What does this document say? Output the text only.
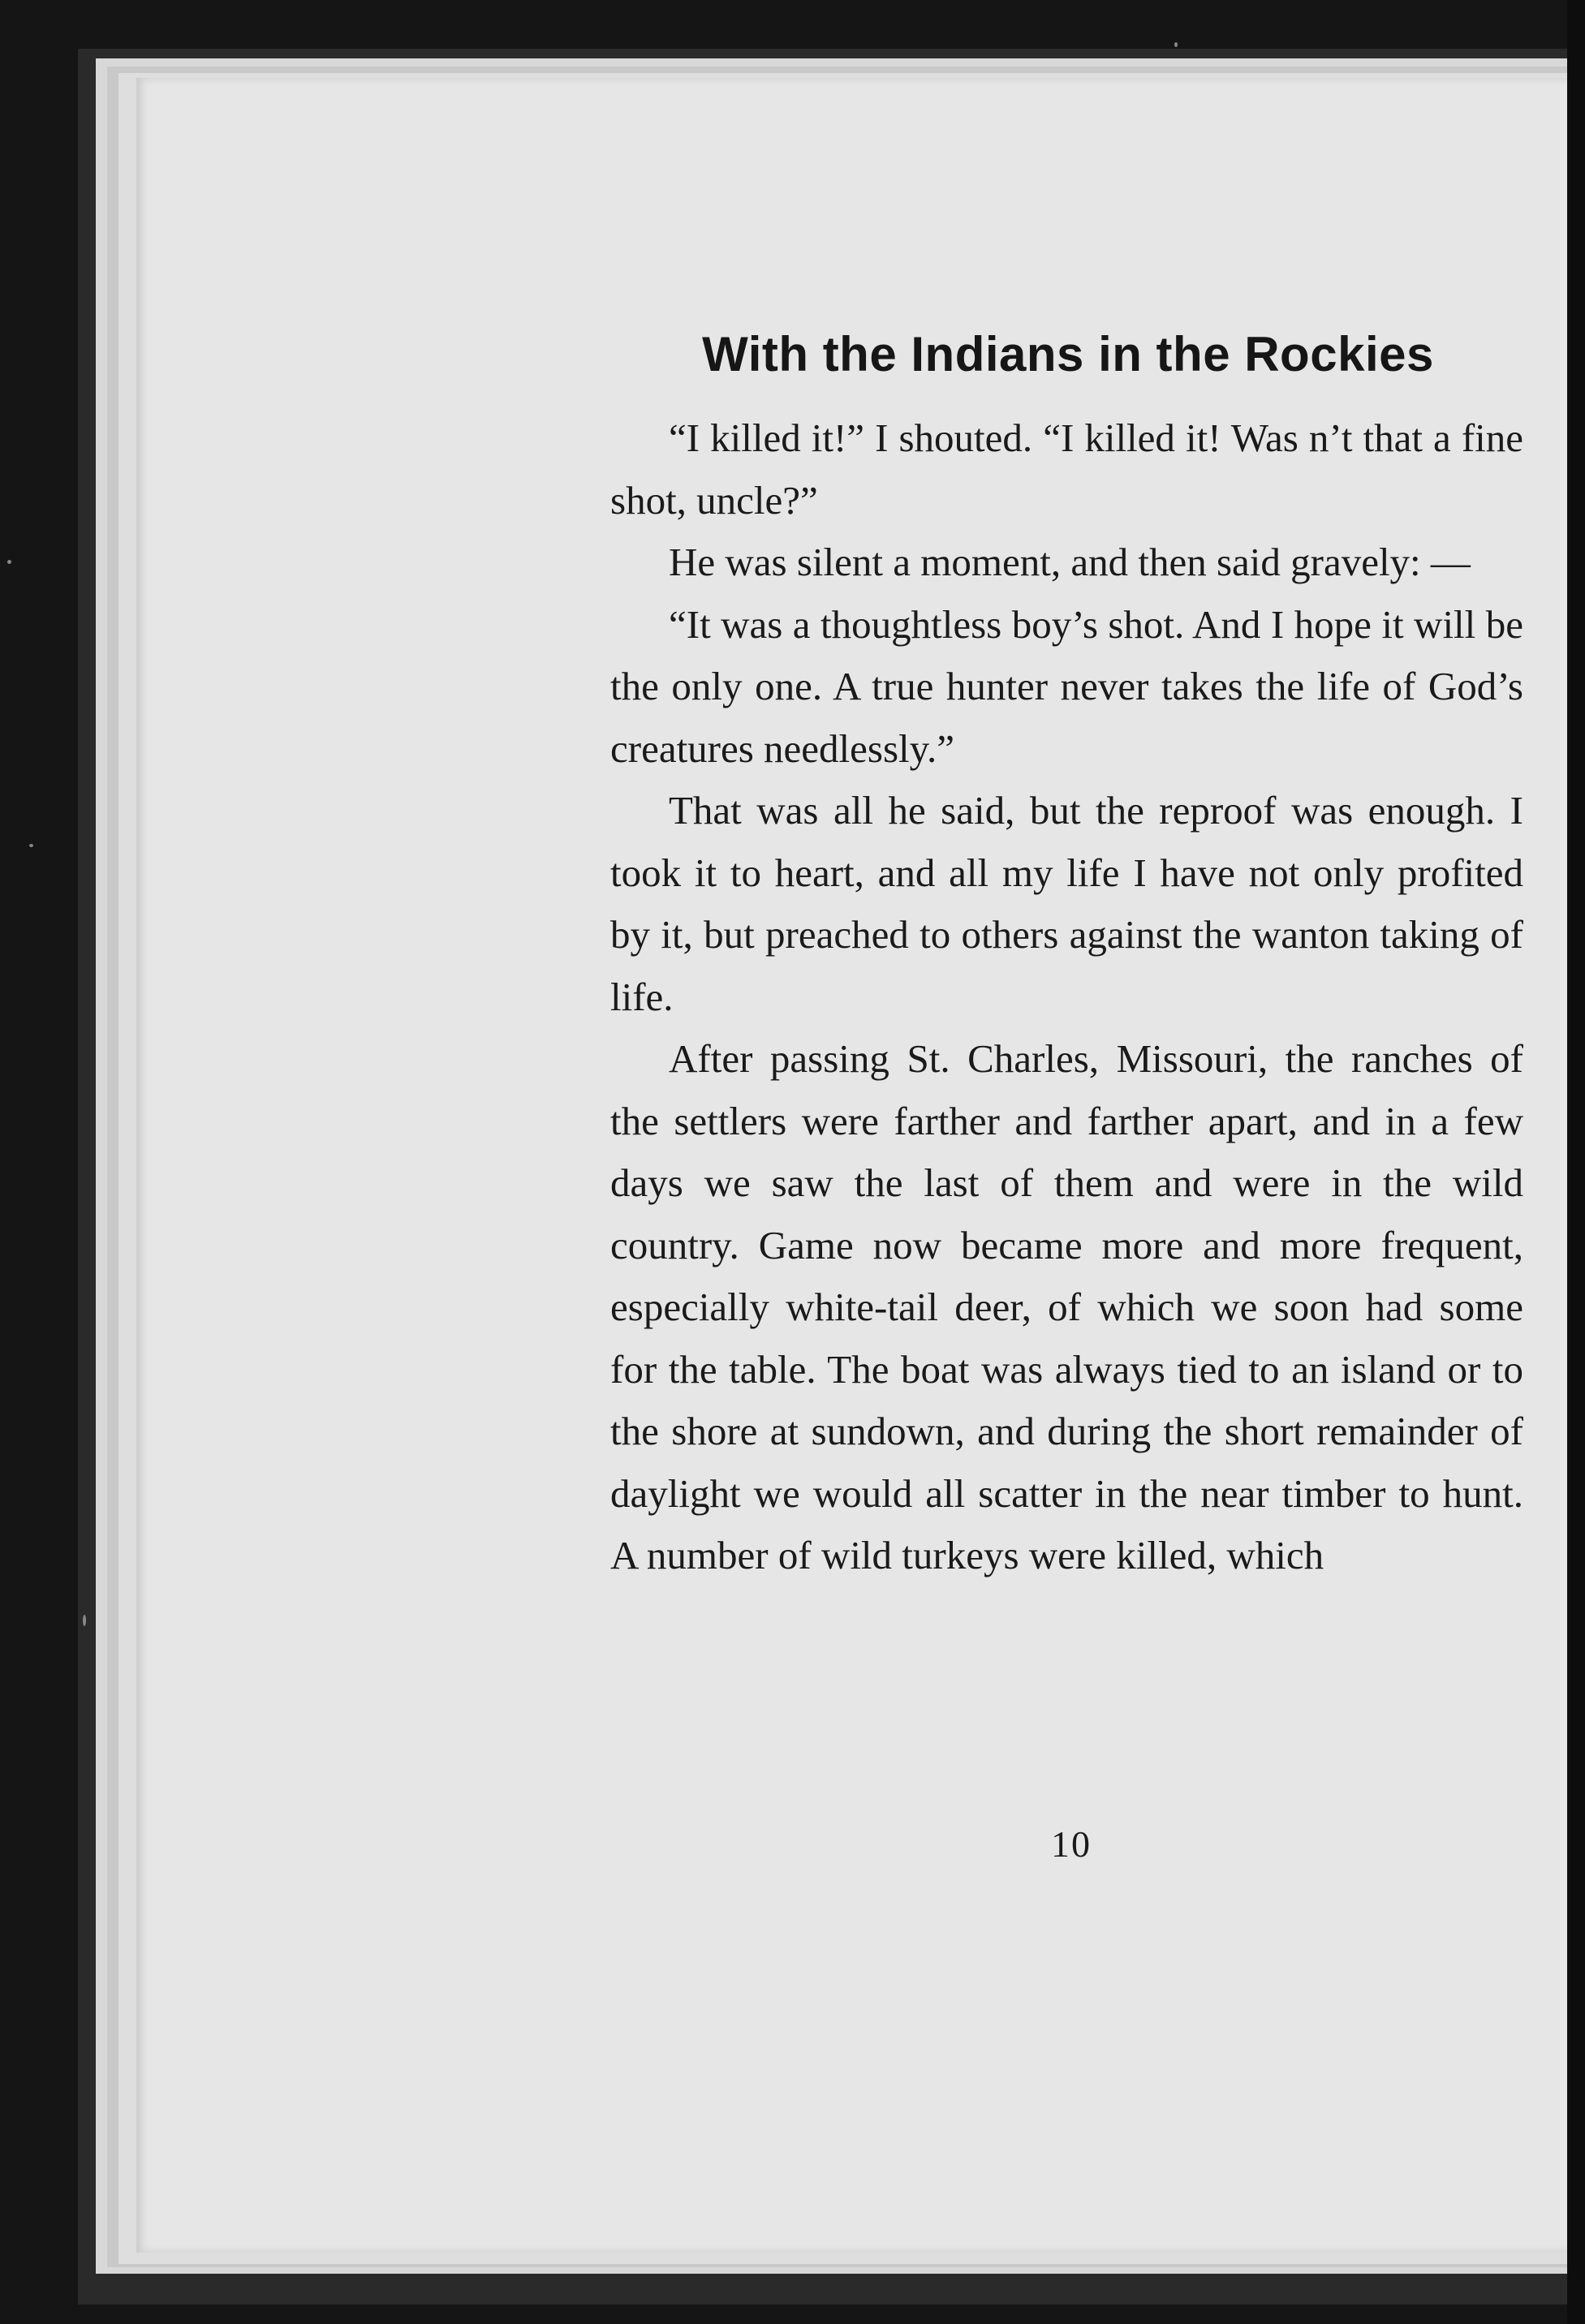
With the Indians in the Rockies

“I killed it!” I shouted. “I killed it! Was n’t that a fine shot, uncle?”

He was silent a moment, and then said gravely: —

“It was a thoughtless boy’s shot. And I hope it will be the only one. A true hunter never takes the life of God’s creatures needlessly.”

That was all he said, but the reproof was enough. I took it to heart, and all my life I have not only profited by it, but preached to others against the wanton taking of life.

After passing St. Charles, Missouri, the ranches of the settlers were farther and farther apart, and in a few days we saw the last of them and were in the wild country. Game now became more and more frequent, especially white-tail deer, of which we soon had some for the table. The boat was always tied to an island or to the shore at sundown, and during the short remainder of daylight we would all scatter in the near timber to hunt. A number of wild turkeys were killed, which

10
